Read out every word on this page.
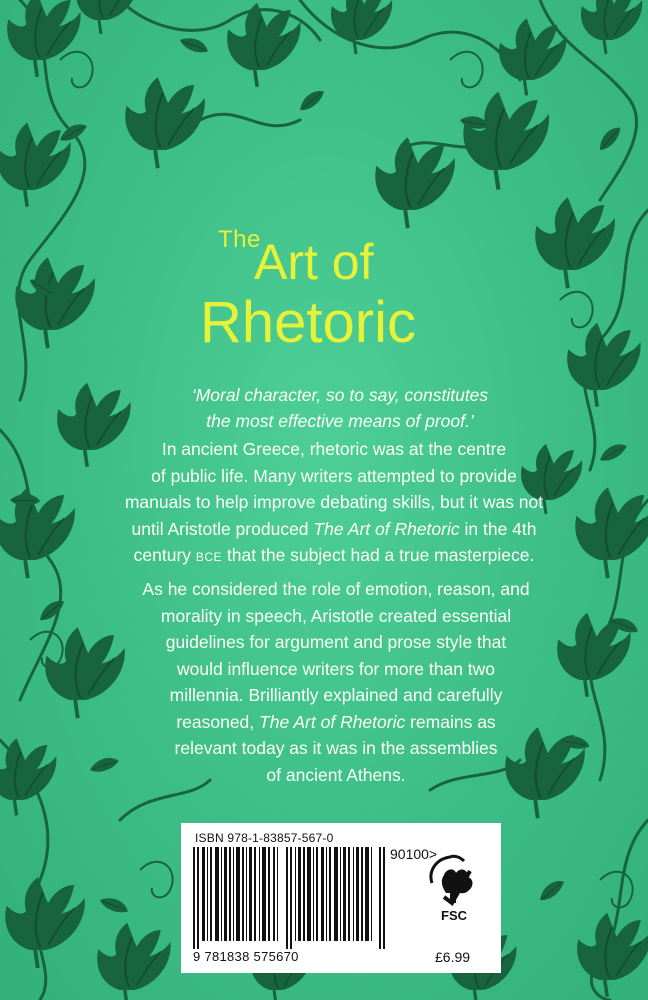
The
Art of
Rhetoric
‘Moral character, so to say, constitutes
the most effective means of proof.’
In ancient Greece, rhetoric was at the centre
of public life. Many writers attempted to provide
manuals to help improve debating skills, but it was not
until Aristotle produced The Art of Rhetoric in the 4th
century BCE that the subject had a true masterpiece.
As he considered the role of emotion, reason, and
morality in speech, Aristotle created essential
guidelines for argument and prose style that
would influence writers for more than two
millennia. Brilliantly explained and carefully
reasoned, The Art of Rhetoric remains as
relevant today as it was in the assemblies
of ancient Athens.
ISBN 978-1-83857-567-0
90100>
9 781838 575670
FSC
£6.99
